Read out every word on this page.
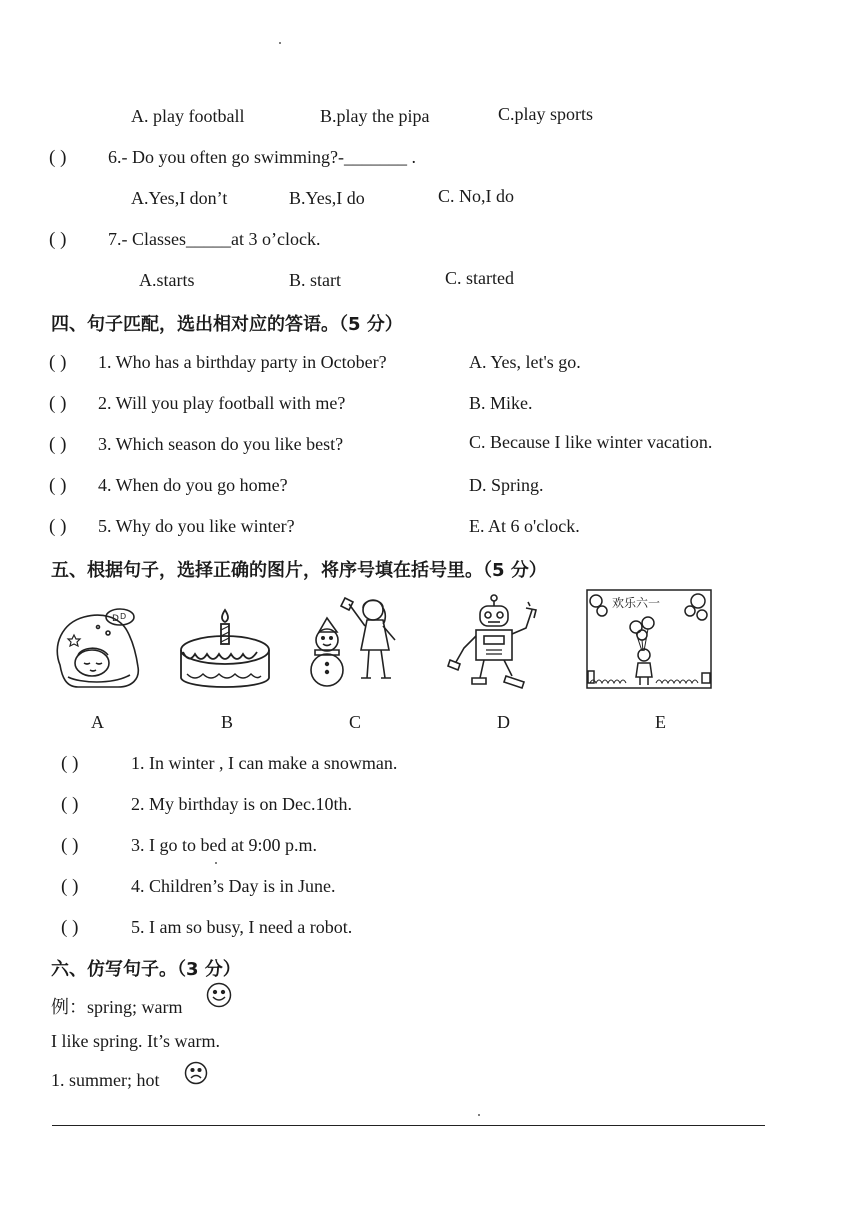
A. play football	B.play the pipa	C.play sports
( ) 6.- Do you often go swimming?-_______ .
A.Yes,I don’t	B.Yes,I do	C. No,I do
( ) 7.- Classes_____at 3 o’clock.
A.starts	B. start	C. started
四、句子匹配，选出相对应的答语。（5 分）
( ) 1. Who has a birthday party in October?	A. Yes, let's go.
( ) 2. Will you play football with me?	B. Mike.
( ) 3. Which season do you like best?	C. Because I like winter vacation.
( ) 4. When do you go home?	D. Spring.
( ) 5. Why do you like winter?	E. At 6 o'clock.
五、根据句子，选择正确的图片，将序号填在括号里。（5 分）
D D
A	B	C	D
欢乐六一
E
( )	1. In winter , I can make a snowman.
( )	2. My birthday is on Dec.10th.
( )	3. I go to bed at 9:00 p.m.
( )	4. Children’s Day is in June.
( )	5. I am so busy, I need a robot.
六、仿写句子。（3 分）
例：spring; warm
I like spring. It’s warm.
1. summer; hot
